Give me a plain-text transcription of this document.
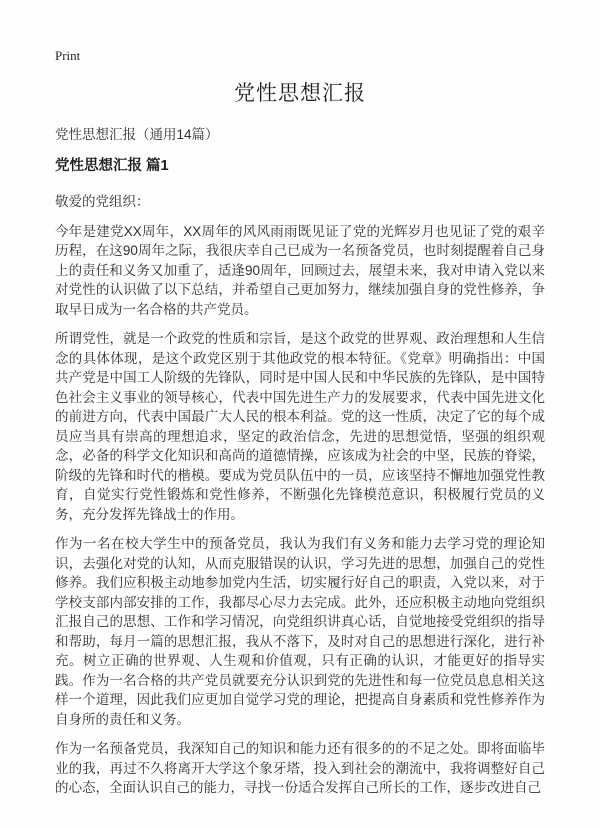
Print
党性思想汇报
党性思想汇报（通用14篇）
党性思想汇报 篇1

敬爱的党组织：

今年是建党XX周年，XX周年的风风雨雨既见证了党的光辉岁月也见证了党的艰辛历程，在这90周年之际，我很庆幸自己已成为一名预备党员，也时刻提醒着自己身上的责任和义务又加重了，适逢90周年，回顾过去，展望未来，我对申请入党以来对党性的认识做了以下总结，并希望自己更加努力，继续加强自身的党性修养，争取早日成为一名合格的共产党员。

所谓党性，就是一个政党的性质和宗旨，是这个政党的世界观、政治理想和人生信念的具体体现，是这个政党区别于其他政党的根本特征。《党章》明确指出：中国共产党是中国工人阶级的先锋队，同时是中国人民和中华民族的先锋队，是中国特色社会主义事业的领导核心，代表中国先进生产力的发展要求，代表中国先进文化的前进方向，代表中国最广大人民的根本利益。党的这一性质，决定了它的每个成员应当具有崇高的理想追求，坚定的政治信念，先进的思想觉悟，坚强的组织观念，必备的科学文化知识和高尚的道德情操，应该成为社会的中坚，民族的脊梁，阶级的先锋和时代的楷模。要成为党员队伍中的一员，应该坚持不懈地加强党性教育，自觉实行党性锻炼和党性修养，不断强化先锋模范意识，积极履行党员的义务，充分发挥先锋战士的作用。

作为一名在校大学生中的预备党员，我认为我们有义务和能力去学习党的理论知识，去强化对党的认知，从而克服错误的认识，学习先进的思想，加强自己的党性修养。我们应积极主动地参加党内生活，切实履行好自己的职责，入党以来，对于学校支部内部安排的工作，我都尽心尽力去完成。此外，还应积极主动地向党组织汇报自己的思想、工作和学习情况，向党组织讲真心话，自觉地接受党组织的指导和帮助，每月一篇的思想汇报，我从不落下，及时对自己的思想进行深化，进行补充。树立正确的世界观、人生观和价值观，只有正确的认识，才能更好的指导实践。作为一名合格的共产党员就要充分认识到党的先进性和每一位党员息息相关这样一个道理，因此我们应更加自觉学习党的理论，把提高自身素质和党性修养作为自身所的责任和义务。

作为一名预备党员，我深知自己的知识和能力还有很多的的不足之处。即将面临毕业的我，再过不久将离开大学这个象牙塔，投入到社会的潮流中，我将调整好自己的心态，全面认识自己的能力，寻找一份适合发挥自己所长的工作，逐步改进自己
